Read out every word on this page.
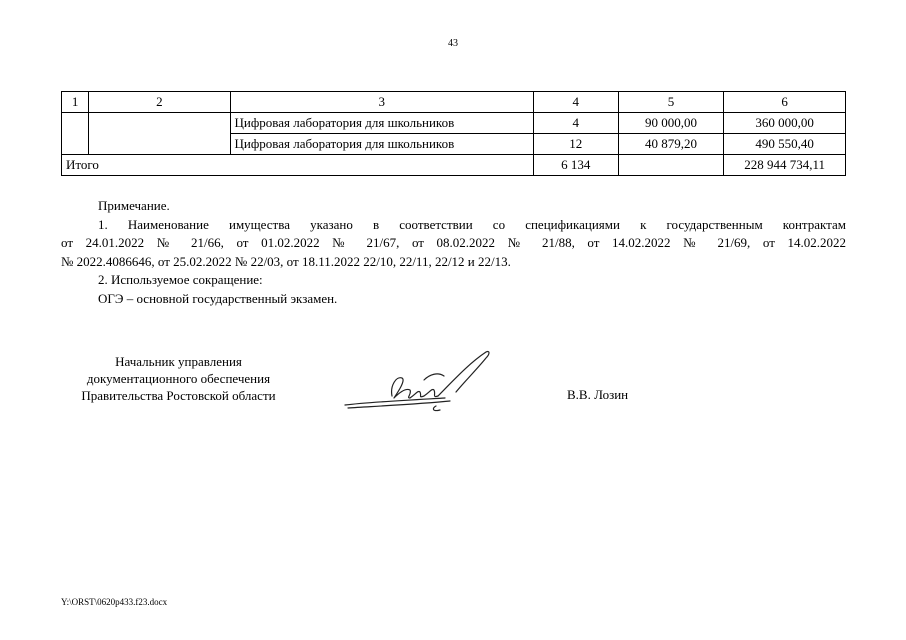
43
1	2	3	4	5	6
		Цифровая лаборатория для школьников	4	90 000,00	360 000,00
		Цифровая лаборатория для школьников	12	40 879,20	490 550,40
Итого			6 134		228 944 734,11

Примечание.

1. Наименование имущества указано в соответствии со спецификациями к государственным контрактам

от 24.01.2022 № 21/66, от 01.02.2022 № 21/67, от 08.02.2022 № 21/88, от 14.02.2022 № 21/69, от 14.02.2022

№ 2022.4086646, от 25.02.2022 № 22/03, от 18.11.2022 22/10, 22/11, 22/12 и 22/13.

2. Используемое сокращение:

ОГЭ – основной государственный экзамен.

Начальник управления
документационного обеспечения
Правительства Ростовской области	В.В. Лозин
Y:\ORST\0620p433.f23.docx
